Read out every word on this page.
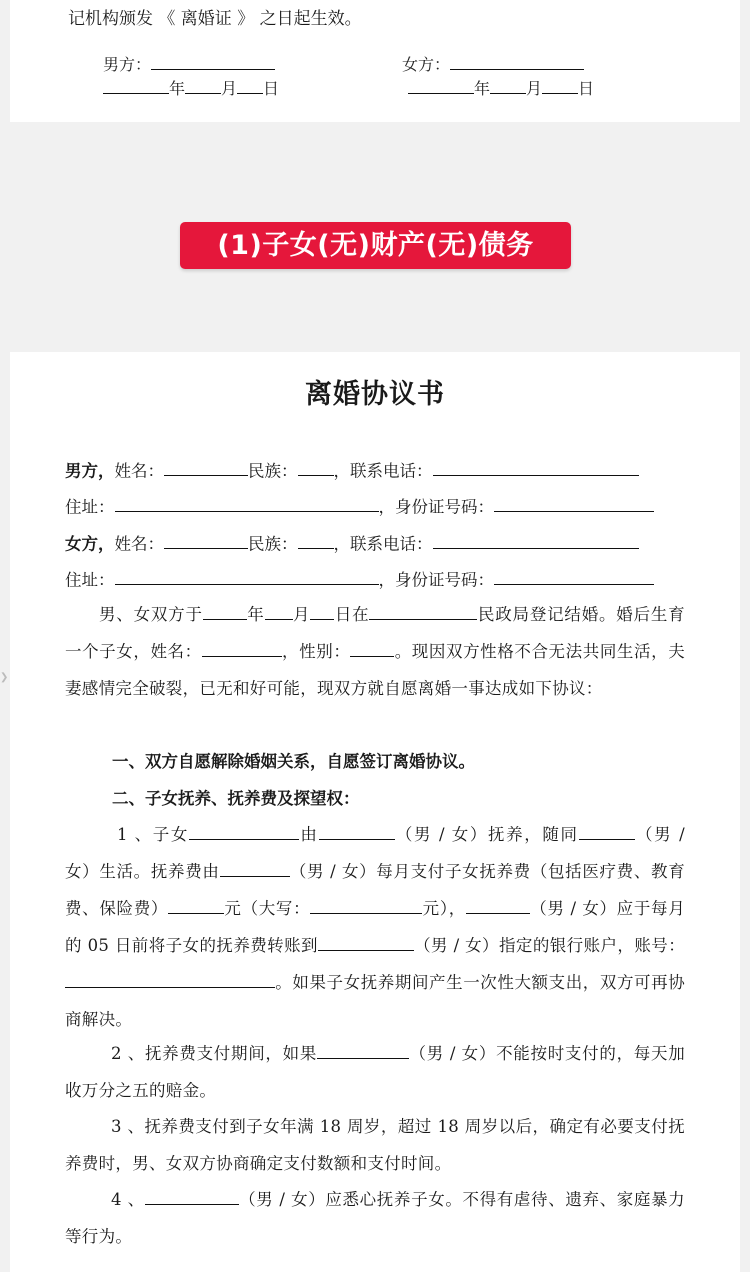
记机构颁发 《 离婚证 》 之日起生效。
男方：
年 月 日
女方：
年 月 日
(1)子女(无)财产(无)债务
❯
离婚协议书
男方，姓名：	民族： ，联系电话：
住址：	，身份证号码：
女方，姓名：	民族： ，联系电话：
住址：	，身份证号码：
男、女双方于	年 月 日在	民政局登记结婚。婚后生育一个子女，姓名：	，性别：	。现因双方性格不合无法共同生活，夫妻感情完全破裂，已无和好可能，现双方就自愿离婚一事达成如下协议：
一、双方自愿解除婚姻关系，自愿签订离婚协议。
二、子女抚养、抚养费及探望权：
1 、子女	由	（男 / 女）抚养，随同	（男 / 女）生活。抚养费由	（男 / 女）每月支付子女抚养费（包括医疗费、教育费、保险费）	元（大写：	元），	（男 / 女）应于每月的 05 日前将子女的抚养费转账到	（男 / 女）指定的银行账户，账号：。如果子女抚养期间产生一次性大额支出，双方可再协商解决。
2 、抚养费支付期间，如果	（男 / 女）不能按时支付的，每天加收万分之五的赔金。
3 、抚养费支付到子女年满 18 周岁，超过 18 周岁以后，确定有必要支付抚养费时，男、女双方协商确定支付数额和支付时间。
4 、	（男 / 女）应悉心抚养子女。不得有虐待、遗弃、家庭暴力等行为。
